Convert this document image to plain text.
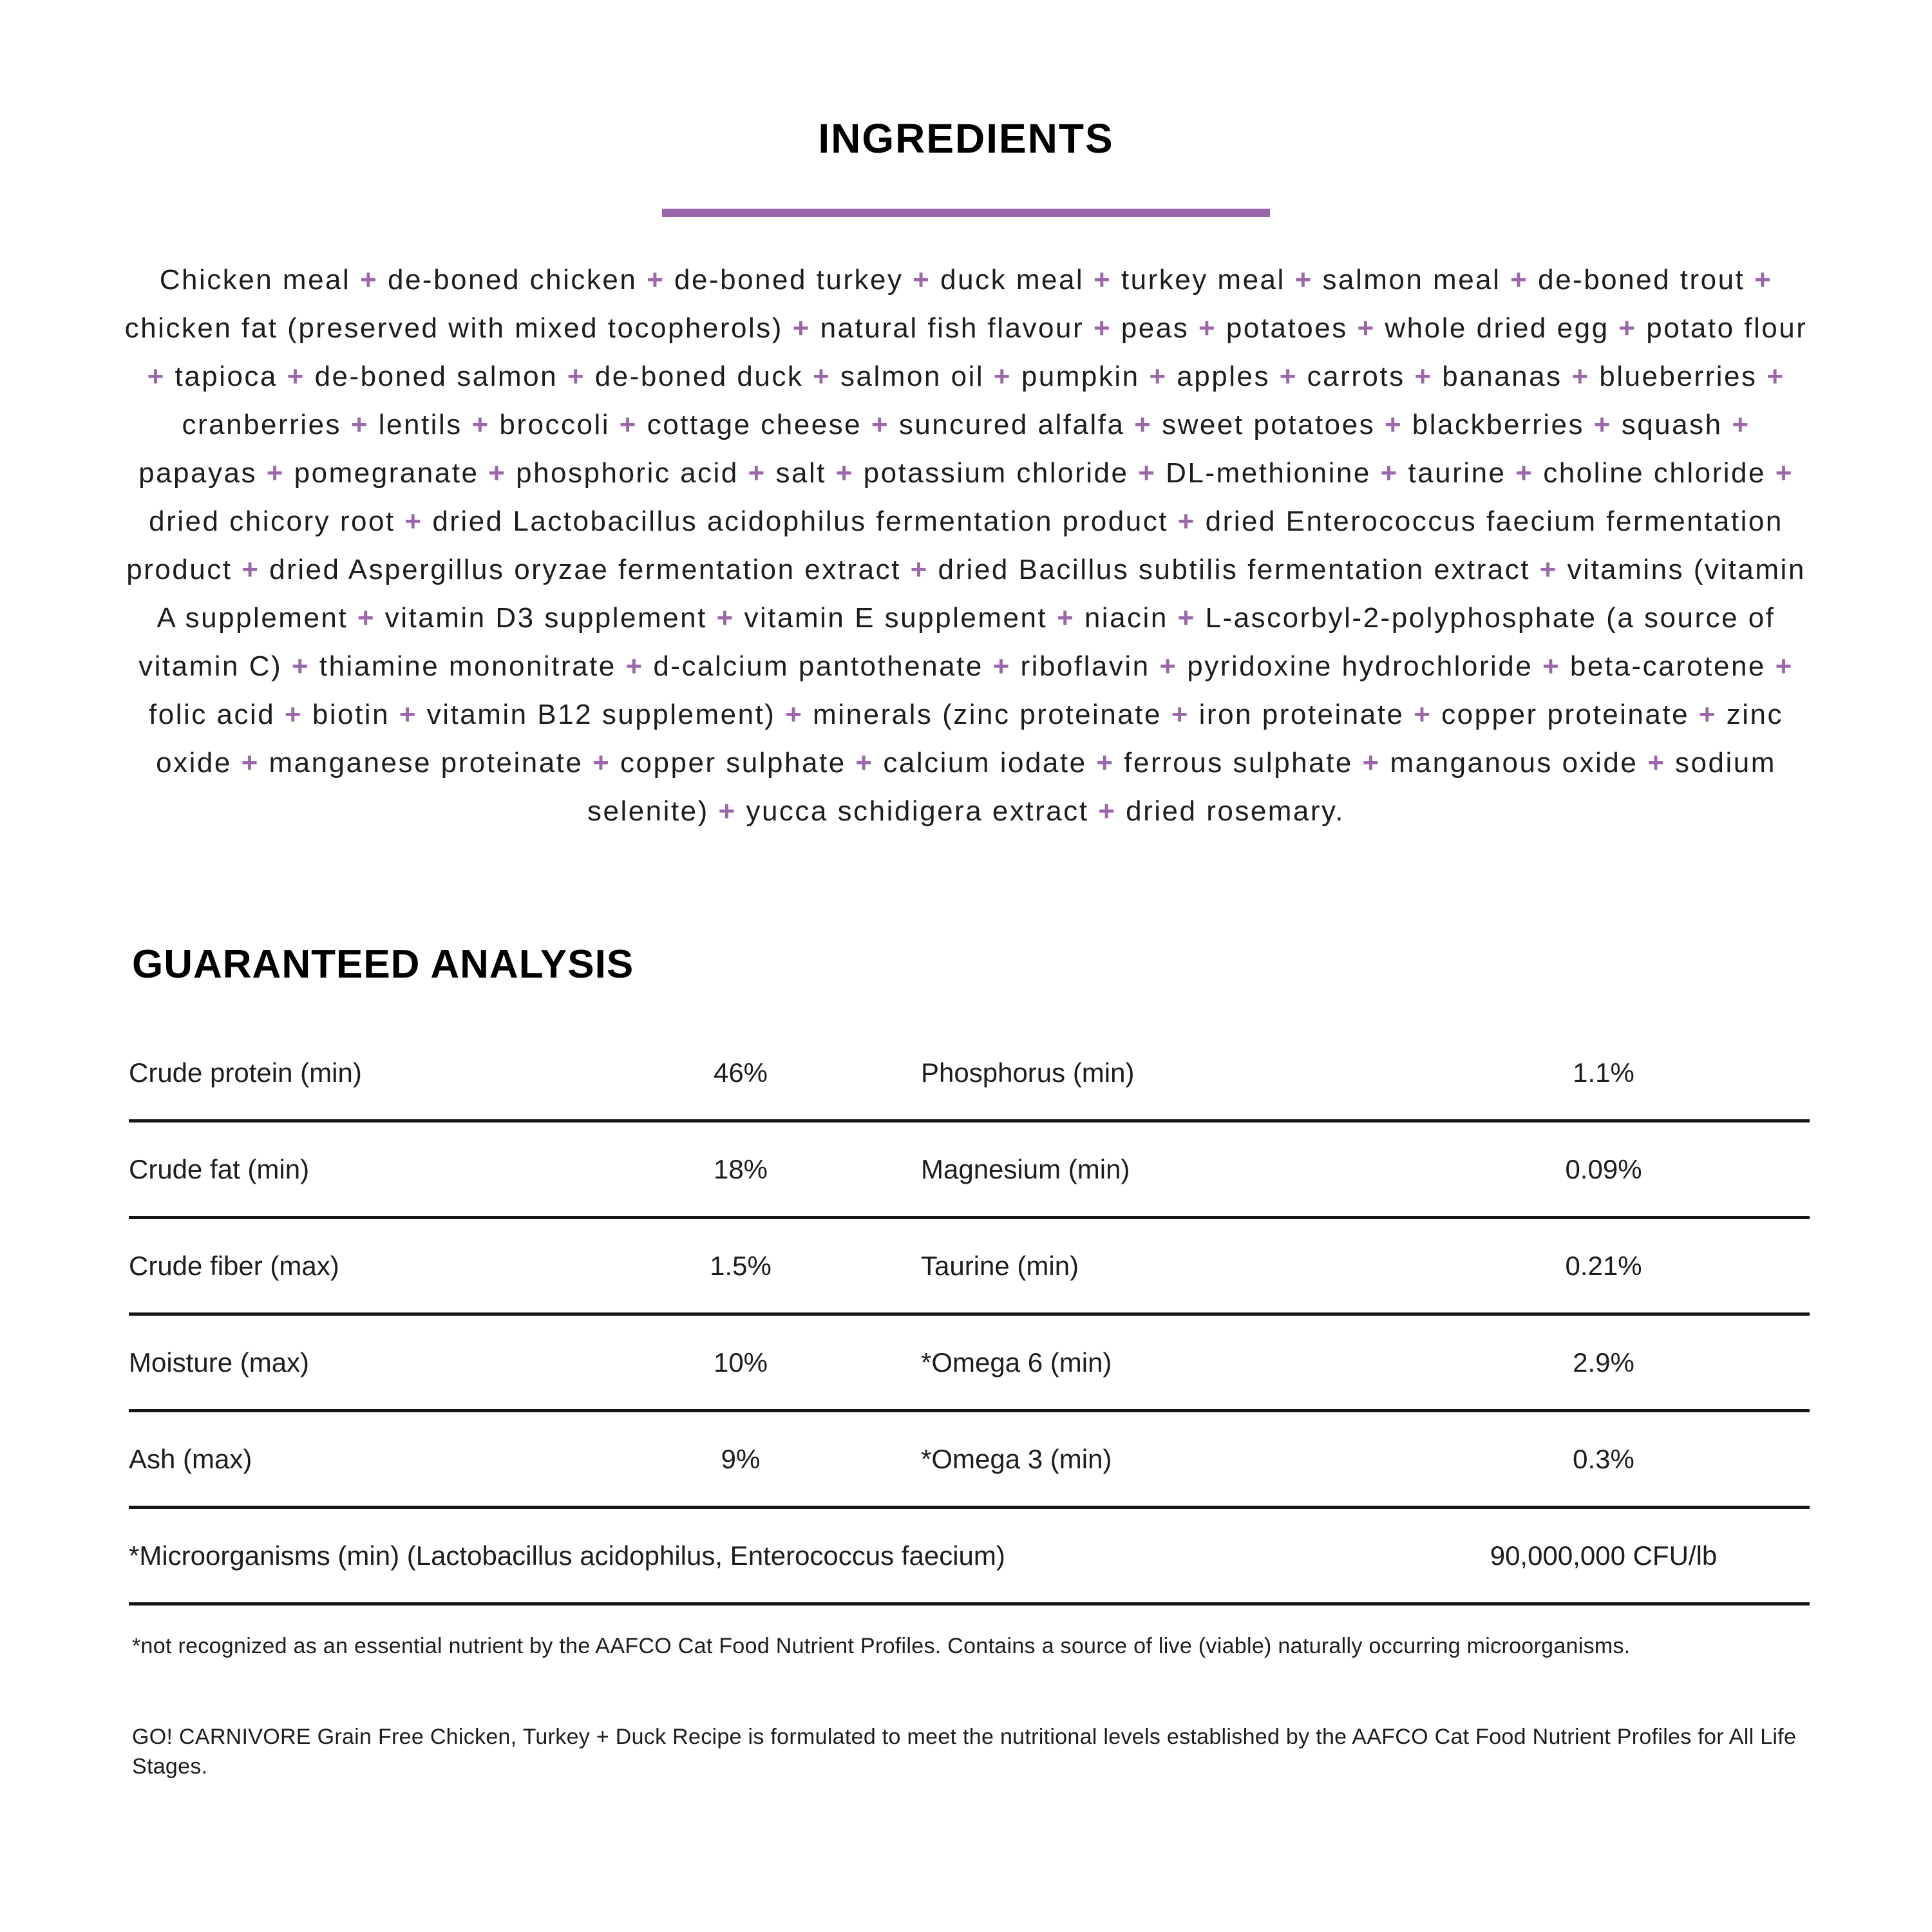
INGREDIENTS

Chicken meal + de-boned chicken + de-boned turkey + duck meal + turkey meal + salmon meal + de-boned trout + chicken fat (preserved with mixed tocopherols) + natural fish flavour + peas + potatoes + whole dried egg + potato flour + tapioca + de-boned salmon + de-boned duck + salmon oil + pumpkin + apples + carrots + bananas + blueberries + cranberries + lentils + broccoli + cottage cheese + suncured alfalfa + sweet potatoes + blackberries + squash + papayas + pomegranate + phosphoric acid + salt + potassium chloride + DL-methionine + taurine + choline chloride + dried chicory root + dried Lactobacillus acidophilus fermentation product + dried Enterococcus faecium fermentation product + dried Aspergillus oryzae fermentation extract + dried Bacillus subtilis fermentation extract + vitamins (vitamin A supplement + vitamin D3 supplement + vitamin E supplement + niacin + L-ascorbyl-2-polyphosphate (a source of vitamin C) + thiamine mononitrate + d-calcium pantothenate + riboflavin + pyridoxine hydrochloride + beta-carotene + folic acid + biotin + vitamin B12 supplement) + minerals (zinc proteinate + iron proteinate + copper proteinate + zinc oxide + manganese proteinate + copper sulphate + calcium iodate + ferrous sulphate + manganous oxide + sodium selenite) + yucca schidigera extract + dried rosemary.

GUARANTEED ANALYSIS
Crude protein (min)	46%	Phosphorus (min)	1.1%
Crude fat (min)	18%	Magnesium (min)	0.09%
Crude fiber (max)	1.5%	Taurine (min)	0.21%
Moisture (max)	10%	*Omega 6 (min)	2.9%
Ash (max)	9%	*Omega 3 (min)	0.3%
*Microorganisms (min) (Lactobacillus acidophilus, Enterococcus faecium)	90,000,000 CFU/lb

*not recognized as an essential nutrient by the AAFCO Cat Food Nutrient Profiles. Contains a source of live (viable) naturally occurring microorganisms.

GO! CARNIVORE Grain Free Chicken, Turkey + Duck Recipe is formulated to meet the nutritional levels established by the AAFCO Cat Food Nutrient Profiles for All Life Stages.
